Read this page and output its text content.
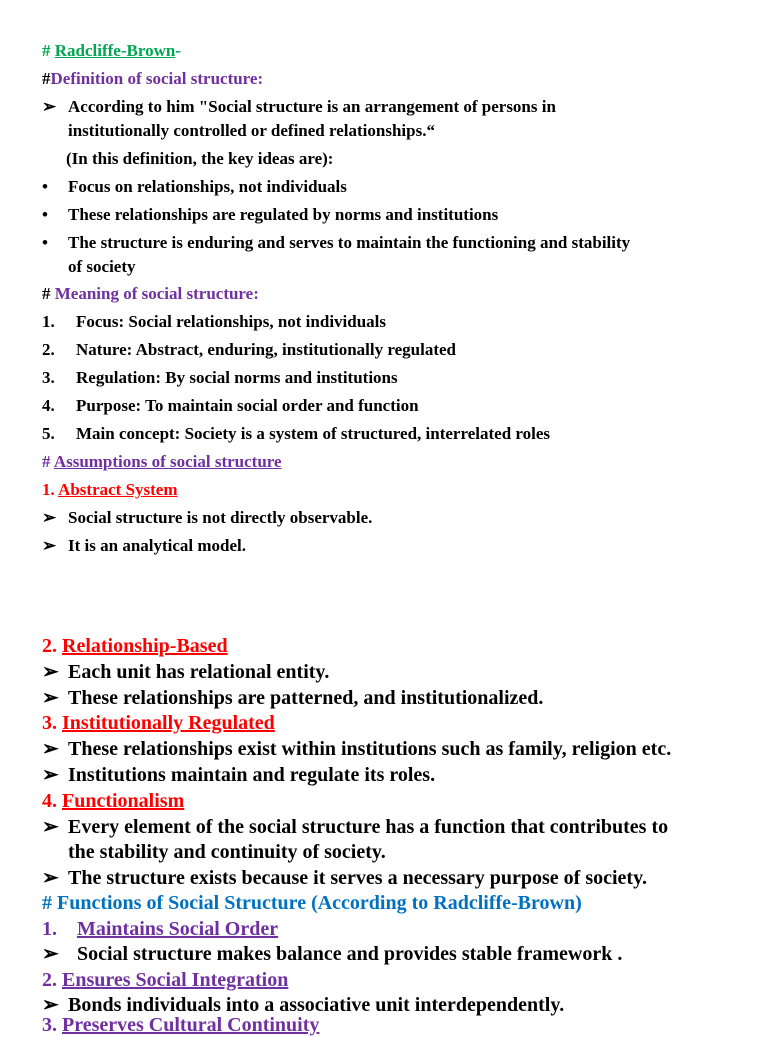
# Radcliffe-Brown-
#Definition of social structure:
➢ According to him "Social structure is an arrangement of persons in
institutionally controlled or defined relationships.“
(In this definition, the key ideas are):
•	Focus on relationships, not individuals
•	These relationships are regulated by norms and institutions
•	The structure is enduring and serves to maintain the functioning and stability
of society
# Meaning of social structure:
1.	Focus: Social relationships, not individuals
2.	Nature: Abstract, enduring, institutionally regulated
3.	Regulation: By social norms and institutions
4.	Purpose: To maintain social order and function
5.	Main concept: Society is a system of structured, interrelated roles
# Assumptions of social structure
1. Abstract System
➢ Social structure is not directly observable.
➢ It is an analytical model.
2. Relationship-Based
➢ Each unit has relational entity.
➢ These relationships are patterned, and institutionalized.
3. Institutionally Regulated
➢ These relationships exist within institutions such as family, religion etc.
➢ Institutions maintain and regulate its roles.
4. Functionalism
➢ Every element of the social structure has a function that contributes to
the stability and continuity of society.
➢ The structure exists because it serves a necessary purpose of society.
# Functions of Social Structure (According to Radcliffe-Brown)
1. Maintains Social Order
➢ Social structure makes balance and provides stable framework .
2. Ensures Social Integration
➢ Bonds individuals into a associative unit interdependently.
3. Preserves Cultural Continuity
